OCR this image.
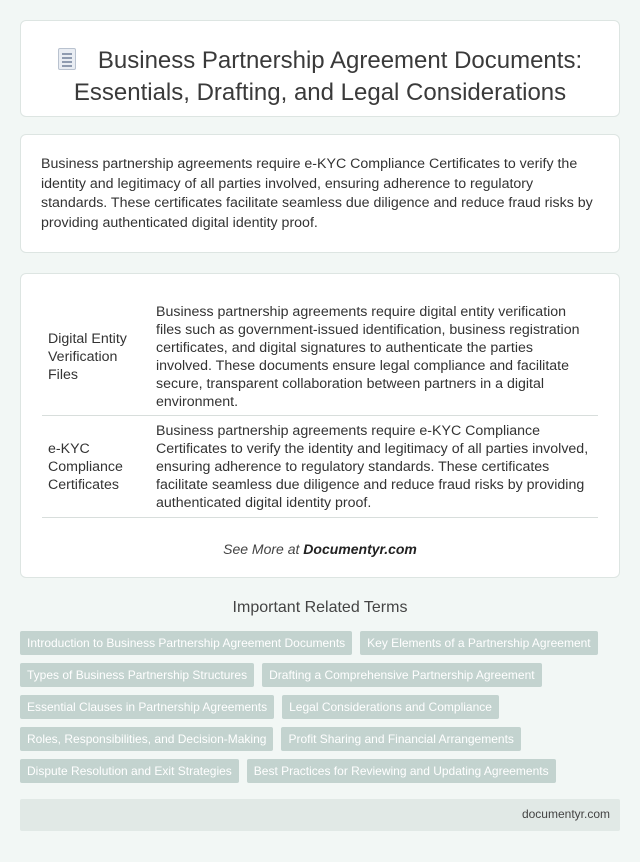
Business Partnership Agreement Documents: Essentials, Drafting, and Legal Considerations

Business partnership agreements require e-KYC Compliance Certificates to verify the identity and legitimacy of all parties involved, ensuring adherence to regulatory standards. These certificates facilitate seamless due diligence and reduce fraud risks by providing authenticated digital identity proof.

Digital Entity Verification Files	Business partnership agreements require digital entity verification files such as government-issued identification, business registration certificates, and digital signatures to authenticate the parties involved. These documents ensure legal compliance and facilitate secure, transparent collaboration between partners in a digital environment.
e-KYC Compliance Certificates	Business partnership agreements require e-KYC Compliance Certificates to verify the identity and legitimacy of all parties involved, ensuring adherence to regulatory standards. These certificates facilitate seamless due diligence and reduce fraud risks by providing authenticated digital identity proof.
See More at Documentyr.com
Important Related Terms
Introduction to Business Partnership Agreement Documents	Key Elements of a Partnership Agreement
Types of Business Partnership Structures	Drafting a Comprehensive Partnership Agreement
Essential Clauses in Partnership Agreements	Legal Considerations and Compliance
Roles, Responsibilities, and Decision-Making	Profit Sharing and Financial Arrangements
Dispute Resolution and Exit Strategies	Best Practices for Reviewing and Updating Agreements
documentyr.com
